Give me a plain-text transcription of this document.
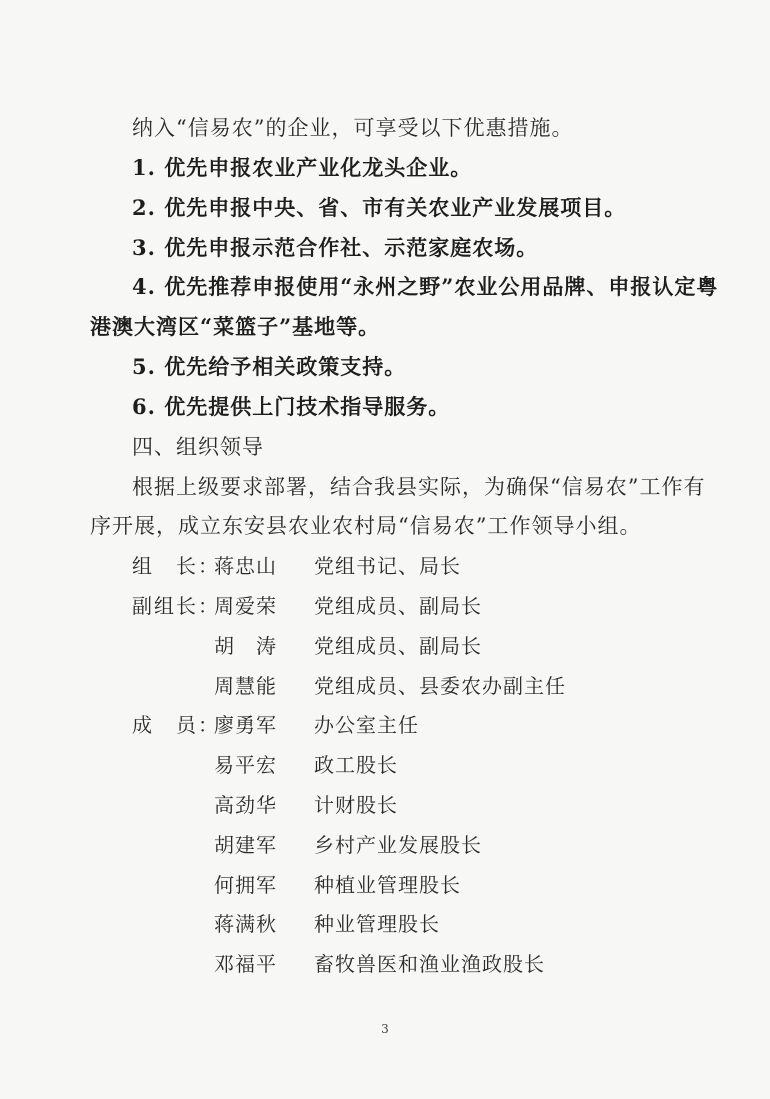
纳入“信易农”的企业，可享受以下优惠措施。
1. 优先申报农业产业化龙头企业。
2. 优先申报中央、省、市有关农业产业发展项目。
3. 优先申报示范合作社、示范家庭农场。
4. 优先推荐申报使用“永州之野”农业公用品牌、申报认定粤
港澳大湾区“菜篮子”基地等。
5. 优先给予相关政策支持。
6. 优先提供上门技术指导服务。
四、组织领导
根据上级要求部署，结合我县实际，为确保“信易农”工作有
序开展，成立东安县农业农村局“信易农”工作领导小组。
组　长：
蒋忠山 党组书记、局长
副组长：
周爱荣 党组成员、副局长
胡　涛 党组成员、副局长
周慧能 党组成员、县委农办副主任
成　员：
廖勇军 办公室主任
易平宏 政工股长
高劲华 计财股长
胡建军 乡村产业发展股长
何拥军 种植业管理股长
蒋满秋 种业管理股长
邓福平 畜牧兽医和渔业渔政股长
3
